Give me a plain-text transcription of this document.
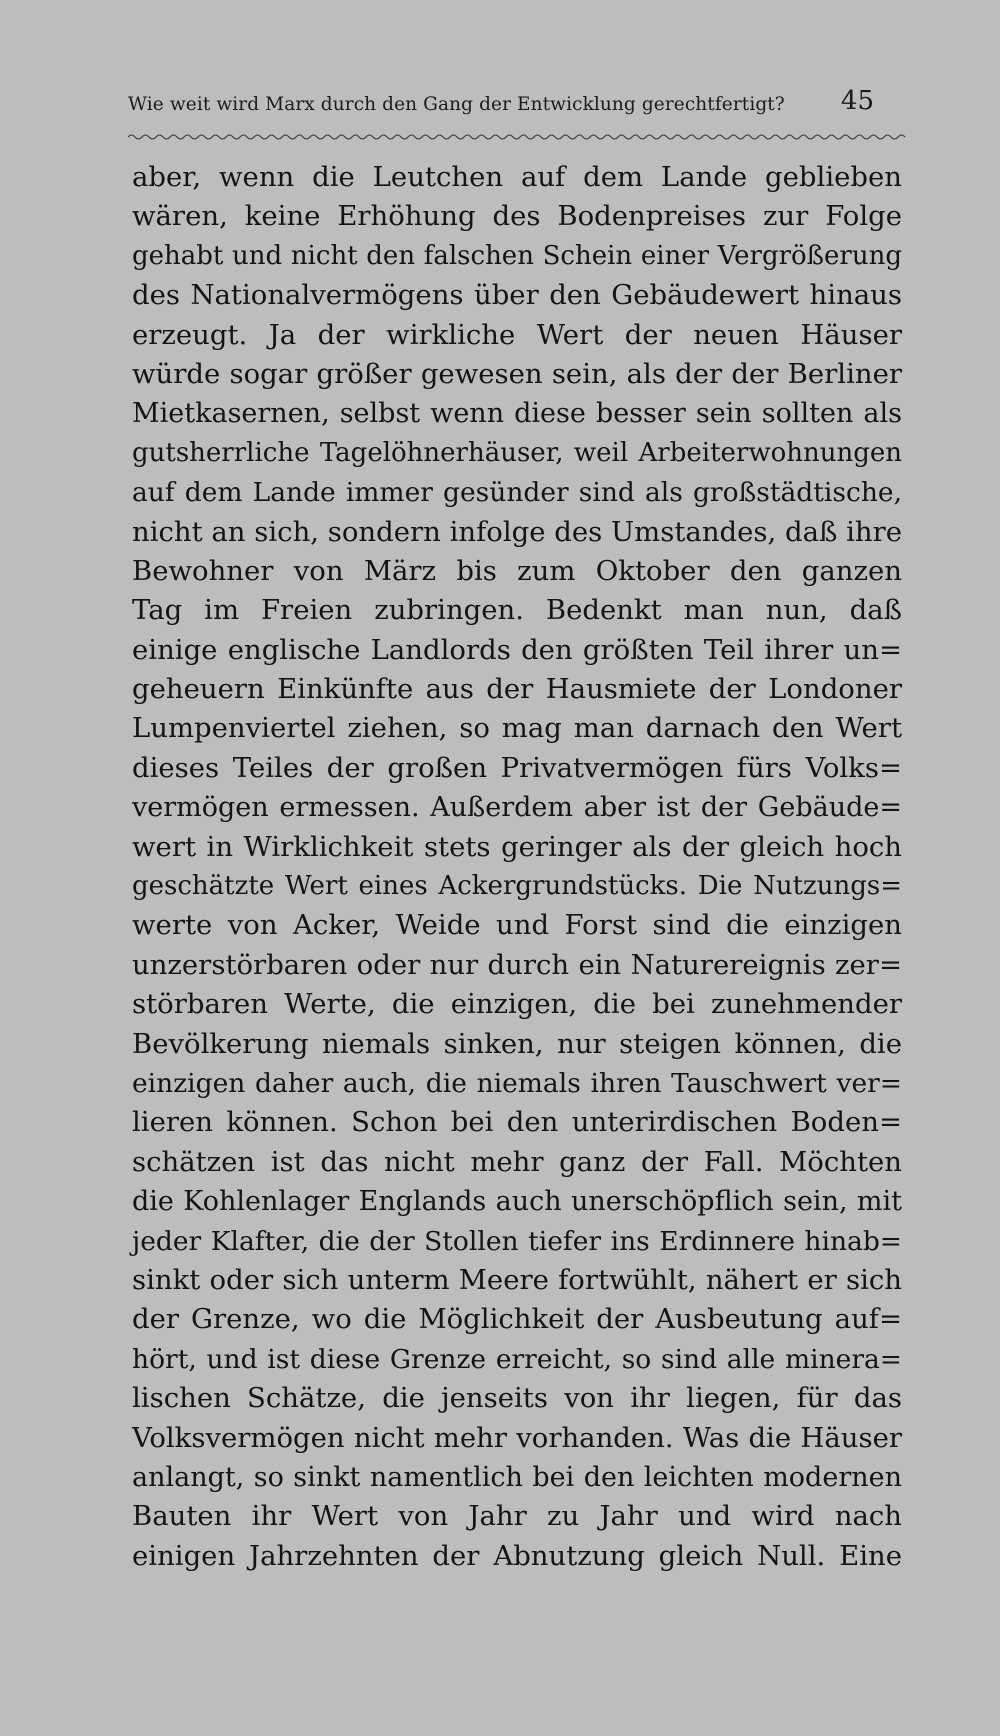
Wie weit wird Marx durch den Gang der Entwicklung gerechtfertigt? 45
aber, wenn die Leutchen auf dem Lande geblieben
wären, keine Erhöhung des Bodenpreises zur Folge
gehabt und nicht den falschen Schein einer Vergrößerung
des Nationalvermögens über den Gebäudewert hinaus
erzeugt. Ja der wirkliche Wert der neuen Häuser
würde sogar größer gewesen sein, als der der Berliner
Mietkasernen, selbst wenn diese besser sein sollten als
gutsherrliche Tagelöhnerhäuser, weil Arbeiterwohnungen
auf dem Lande immer gesünder sind als großstädtische,
nicht an sich, sondern infolge des Umstandes, daß ihre
Bewohner von März bis zum Oktober den ganzen
Tag im Freien zubringen. Bedenkt man nun, daß
einige englische Landlords den größten Teil ihrer un=
geheuern Einkünfte aus der Hausmiete der Londoner
Lumpenviertel ziehen, so mag man darnach den Wert
dieses Teiles der großen Privatvermögen fürs Volks=
vermögen ermessen. Außerdem aber ist der Gebäude=
wert in Wirklichkeit stets geringer als der gleich hoch
geschätzte Wert eines Ackergrundstücks. Die Nutzungs=
werte von Acker, Weide und Forst sind die einzigen
unzerstörbaren oder nur durch ein Naturereignis zer=
störbaren Werte, die einzigen, die bei zunehmender
Bevölkerung niemals sinken, nur steigen können, die
einzigen daher auch, die niemals ihren Tauschwert ver=
lieren können. Schon bei den unterirdischen Boden=
schätzen ist das nicht mehr ganz der Fall. Möchten
die Kohlenlager Englands auch unerschöpflich sein, mit
jeder Klafter, die der Stollen tiefer ins Erdinnere hinab=
sinkt oder sich unterm Meere fortwühlt, nähert er sich
der Grenze, wo die Möglichkeit der Ausbeutung auf=
hört, und ist diese Grenze erreicht, so sind alle minera=
lischen Schätze, die jenseits von ihr liegen, für das
Volksvermögen nicht mehr vorhanden. Was die Häuser
anlangt, so sinkt namentlich bei den leichten modernen
Bauten ihr Wert von Jahr zu Jahr und wird nach
einigen Jahrzehnten der Abnutzung gleich Null. Eine
